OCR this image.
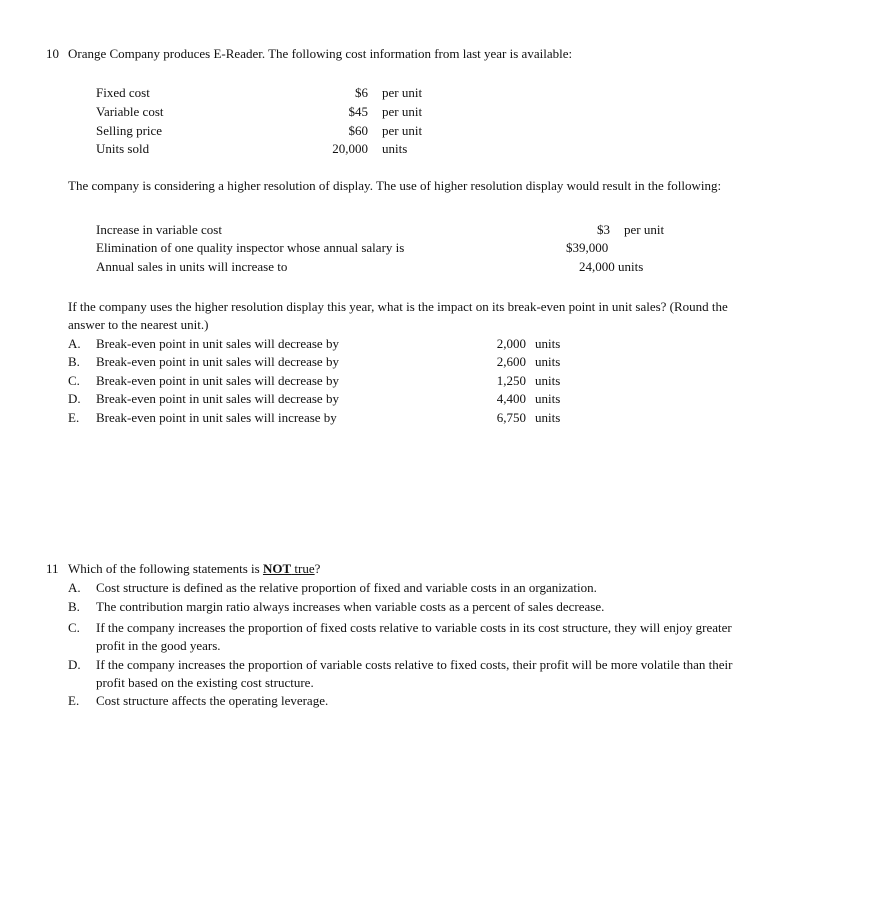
10 Orange Company produces E-Reader. The following cost information from last year is available:
Fixed cost	$6 per unit
Variable cost	$45 per unit
Selling price	$60 per unit
Units sold	20,000 units
The company is considering a higher resolution of display. The use of higher resolution display would result in the following:
Increase in variable cost	$3 per unit
Elimination of one quality inspector whose annual salary is	$39,000
Annual sales in units will increase to	24,000 units
If the company uses the higher resolution display this year, what is the impact on its break-even point in unit sales? (Round the
answer to the nearest unit.)
A. Break-even point in unit sales will decrease by	2,000 units
B. Break-even point in unit sales will decrease by	2,600 units
C. Break-even point in unit sales will decrease by	1,250 units
D. Break-even point in unit sales will decrease by	4,400 units
E. Break-even point in unit sales will increase by	6,750 units
11 Which of the following statements is NOT true?
A. Cost structure is defined as the relative proportion of fixed and variable costs in an organization.
B. The contribution margin ratio always increases when variable costs as a percent of sales decrease.
C. If the company increases the proportion of fixed costs relative to variable costs in its cost structure, they will enjoy greater
profit in the good years.
D. If the company increases the proportion of variable costs relative to fixed costs, their profit will be more volatile than their
profit based on the existing cost structure.
E. Cost structure affects the operating leverage.
